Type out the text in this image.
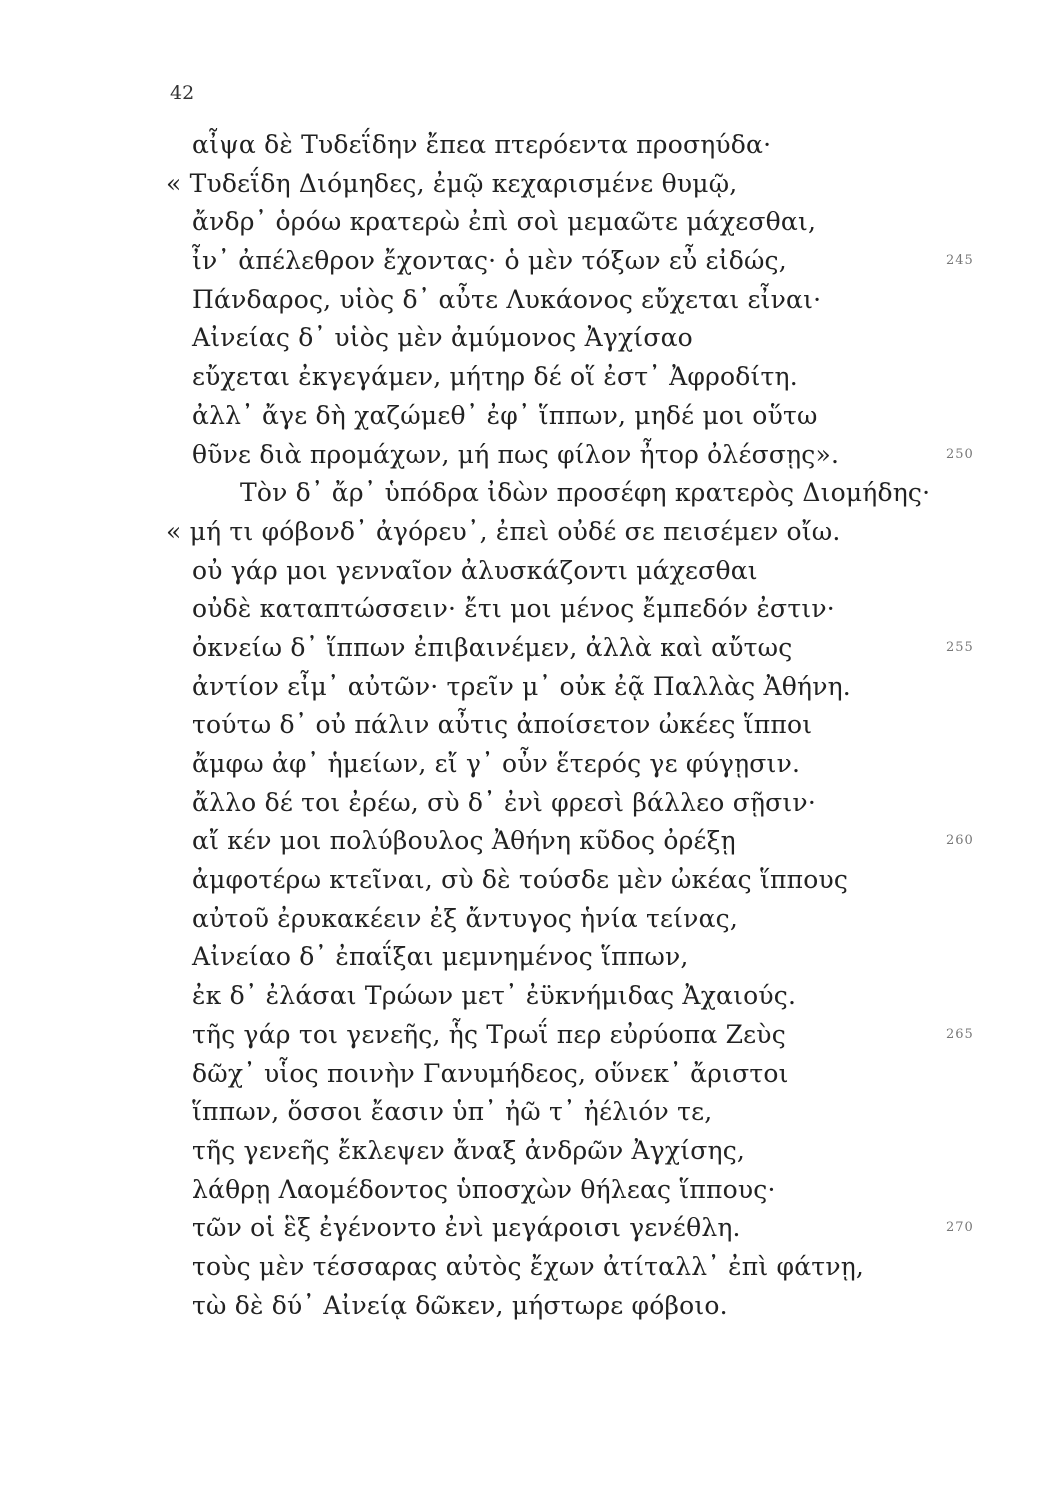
42
αἶψα δὲ Τυδεΐδην ἔπεα πτερόεντα προσηύδα·
« Τυδεΐδη Διόμηδες, ἐμῷ κεχαρισμένε θυμῷ,
ἄνδρ᾽ ὁρόω κρατερὼ ἐπὶ σοὶ μεμαῶτε μάχεσθαι,
ἶν᾽ ἀπέλεθρον ἔχοντας· ὁ μὲν τόξων εὖ εἰδώς,	245
Πάνδαρος, υἱὸς δ᾽ αὖτε Λυκάονος εὔχεται εἶναι·
Αἰνείας δ᾽ υἱὸς μὲν ἀμύμονος Ἀγχίσαο
εὔχεται ἐκγεγάμεν, μήτηρ δέ οἵ ἐστ᾽ Ἀφροδίτη.
ἀλλ᾽ ἄγε δὴ χαζώμεθ᾽ ἐφ᾽ ἵππων, μηδέ μοι οὕτω
θῦνε διὰ προμάχων, μή πως φίλον ἦτορ ὀλέσσῃς».	250
Τὸν δ᾽ ἄρ᾽ ὑπόδρα ἰδὼν προσέφη κρατερὸς Διομήδης·
« μή τι φόβονδ᾽ ἀγόρευ᾽, ἐπεὶ οὐδέ σε πεισέμεν οἴω.
οὐ γάρ μοι γενναῖον ἀλυσκάζοντι μάχεσθαι
οὐδὲ καταπτώσσειν· ἔτι μοι μένος ἔμπεδόν ἐστιν·
ὀκνείω δ᾽ ἵππων ἐπιβαινέμεν, ἀλλὰ καὶ αὔτως	255
ἀντίον εἶμ᾽ αὐτῶν· τρεῖν μ᾽ οὐκ ἐᾷ Παλλὰς Ἀθήνη.
τούτω δ᾽ οὐ πάλιν αὖτις ἀποίσετον ὠκέες ἵπποι
ἄμφω ἀφ᾽ ἡμείων, εἴ γ᾽ οὖν ἕτερός γε φύγῃσιν.
ἄλλο δέ τοι ἐρέω, σὺ δ᾽ ἐνὶ φρεσὶ βάλλεο σῇσιν·
αἴ κέν μοι πολύβουλος Ἀθήνη κῦδος ὀρέξῃ	260
ἀμφοτέρω κτεῖναι, σὺ δὲ τούσδε μὲν ὠκέας ἵππους
αὐτοῦ ἐρυκακέειν ἐξ ἄντυγος ἡνία τείνας,
Αἰνείαο δ᾽ ἐπαΐξαι μεμνημένος ἵππων,
ἐκ δ᾽ ἐλάσαι Τρώων μετ᾽ ἐϋκνήμιδας Ἀχαιούς.
τῆς γάρ τοι γενεῆς, ἧς Τρωΐ περ εὐρύοπα Ζεὺς	265
δῶχ᾽ υἷος ποινὴν Γανυμήδεος, οὕνεκ᾽ ἄριστοι
ἵππων, ὅσσοι ἔασιν ὑπ᾽ ἠῶ τ᾽ ἠέλιόν τε,
τῆς γενεῆς ἔκλεψεν ἄναξ ἀνδρῶν Ἀγχίσης,
λάθρῃ Λαομέδοντος ὑποσχὼν θήλεας ἵππους·
τῶν οἱ ἓξ ἐγένοντο ἐνὶ μεγάροισι γενέθλη.	270
τοὺς μὲν τέσσαρας αὐτὸς ἔχων ἀτίταλλ᾽ ἐπὶ φάτνῃ,
τὼ δὲ δύ᾽ Αἰνείᾳ δῶκεν, μήστωρε φόβοιο.
